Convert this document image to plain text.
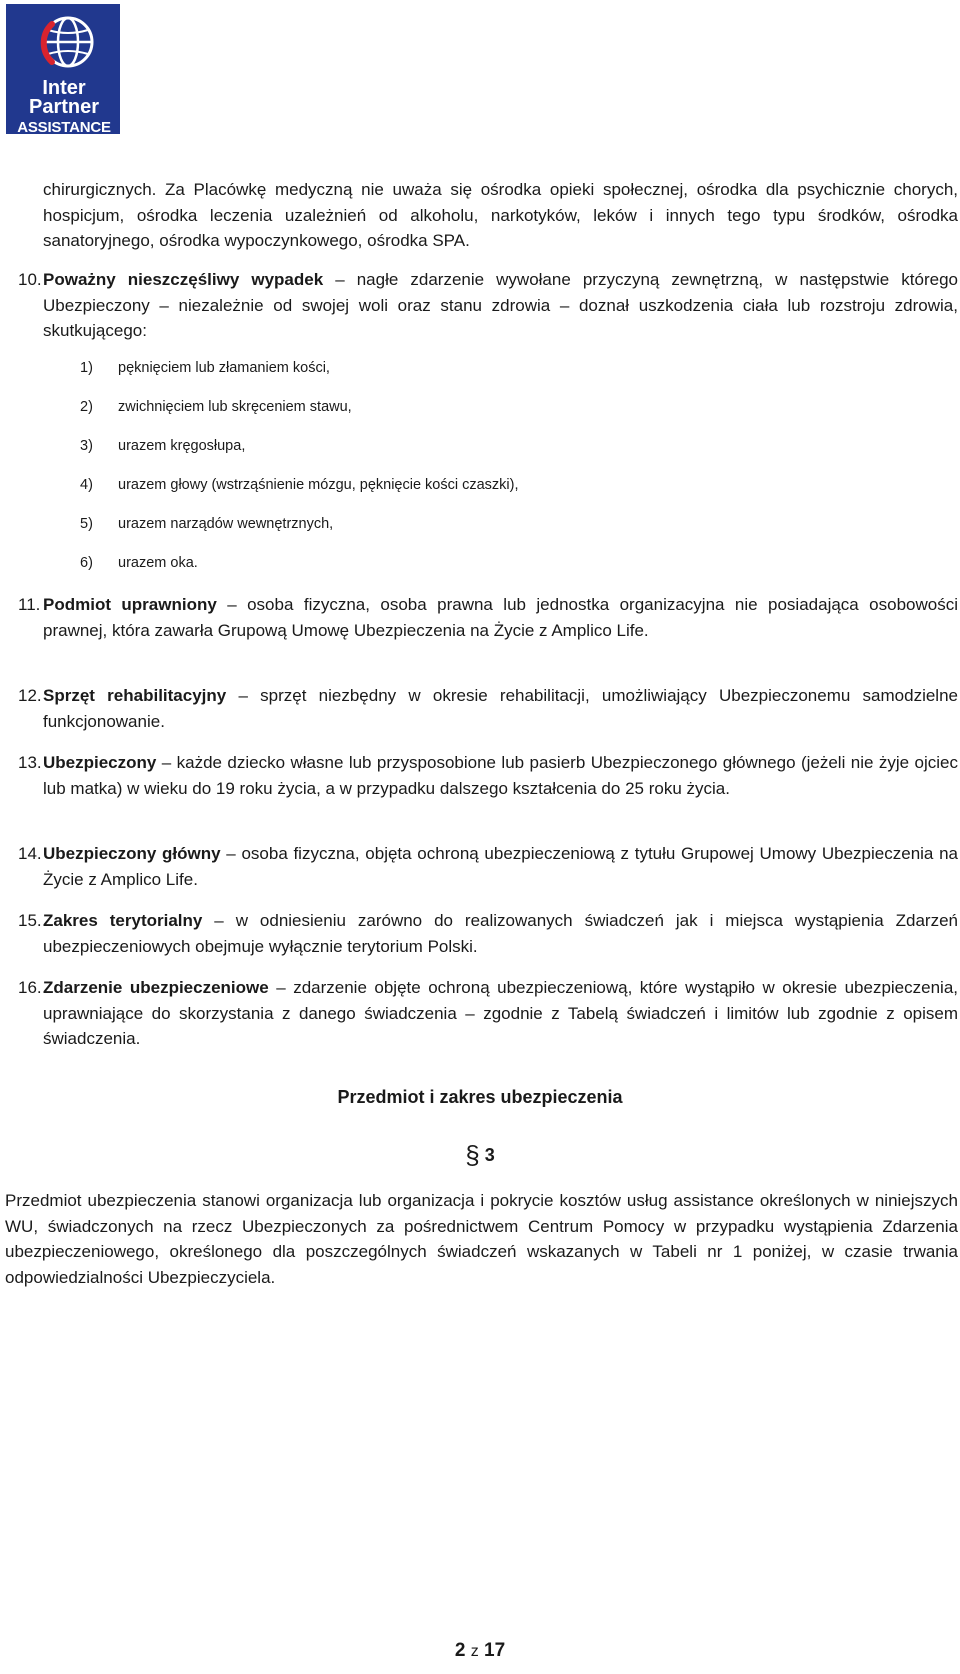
Inter
Partner
ASSISTANCE
chirurgicznych. Za Placówkę medyczną nie uważa się ośrodka opieki społecznej, ośrodka dla psychicznie chorych, hospicjum, ośrodka leczenia uzależnień od alkoholu, narkotyków, leków i innych tego typu środków, ośrodka sanatoryjnego, ośrodka wypoczynkowego, ośrodka SPA.
10. Poważny nieszczęśliwy wypadek – nagłe zdarzenie wywołane przyczyną zewnętrzną, w następstwie którego Ubezpieczony – niezależnie od swojej woli oraz stanu zdrowia – doznał uszkodzenia ciała lub rozstroju zdrowia, skutkującego:
1) pęknięciem lub złamaniem kości,
2) zwichnięciem lub skręceniem stawu,
3) urazem kręgosłupa,
4) urazem głowy (wstrząśnienie mózgu, pęknięcie kości czaszki),
5) urazem narządów wewnętrznych,
6) urazem oka.
11. Podmiot uprawniony – osoba fizyczna, osoba prawna lub jednostka organizacyjna nie posiadająca osobowości prawnej, która zawarła Grupową Umowę Ubezpieczenia na Życie z Amplico Life.
12. Sprzęt rehabilitacyjny – sprzęt niezbędny w okresie rehabilitacji, umożliwiający Ubezpieczonemu samodzielne funkcjonowanie.
13. Ubezpieczony – każde dziecko własne lub przysposobione lub pasierb Ubezpieczonego głównego (jeżeli nie żyje ojciec lub matka) w wieku do 19 roku życia, a w przypadku dalszego kształcenia do 25 roku życia.
14. Ubezpieczony główny – osoba fizyczna, objęta ochroną ubezpieczeniową z tytułu Grupowej Umowy Ubezpieczenia na Życie z Amplico Life.
15. Zakres terytorialny – w odniesieniu zarówno do realizowanych świadczeń jak i miejsca wystąpienia Zdarzeń ubezpieczeniowych obejmuje wyłącznie terytorium Polski.
16. Zdarzenie ubezpieczeniowe – zdarzenie objęte ochroną ubezpieczeniową, które wystąpiło w okresie ubezpieczenia, uprawniające do skorzystania z danego świadczenia – zgodnie z Tabelą świadczeń i limitów lub zgodnie z opisem świadczenia.
Przedmiot i zakres ubezpieczenia
§ 3
Przedmiot ubezpieczenia stanowi organizacja lub organizacja i pokrycie kosztów usług assistance określonych w niniejszych WU, świadczonych na rzecz Ubezpieczonych za pośrednictwem Centrum Pomocy w przypadku wystąpienia Zdarzenia ubezpieczeniowego, określonego dla poszczególnych świadczeń wskazanych w Tabeli nr 1 poniżej, w czasie trwania odpowiedzialności Ubezpieczyciela.
2 z 17
